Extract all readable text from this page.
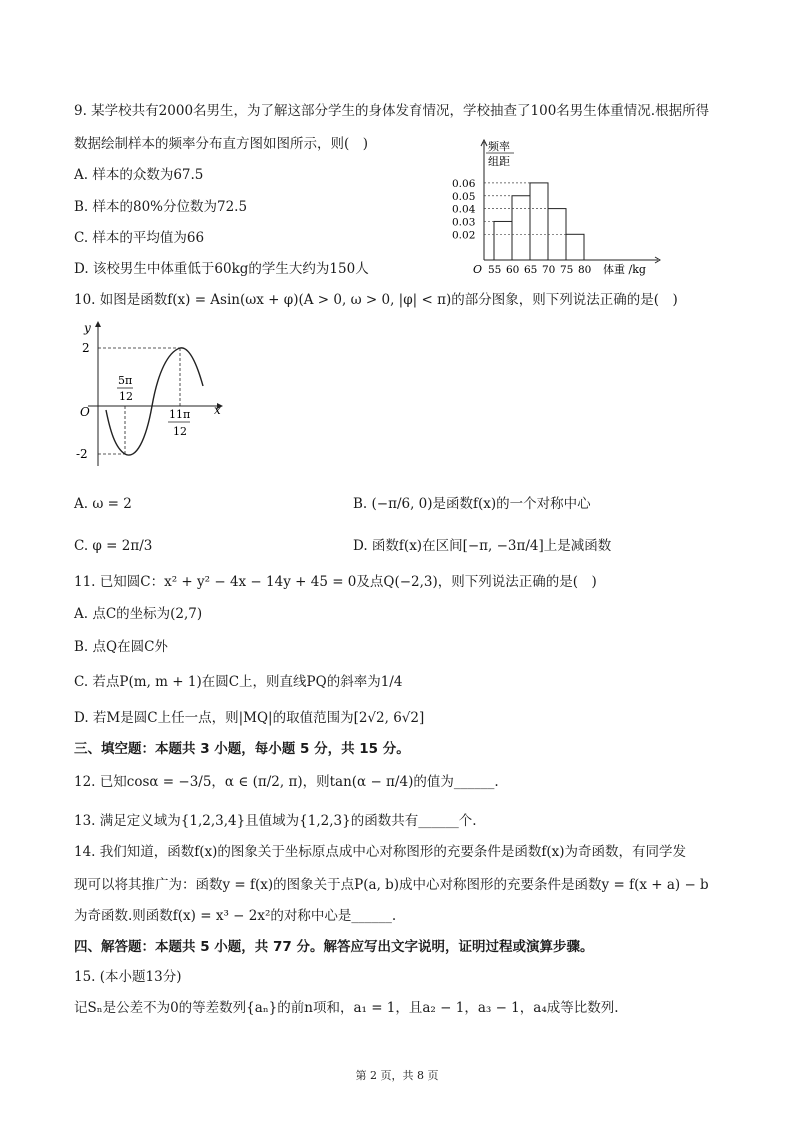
9. 某学校共有2000名男生，为了解这部分学生的身体发育情况，学校抽查了100名男生体重情况.根据所得
数据绘制样本的频率分布直方图如图所示，则(　)
A. 样本的众数为67.5
B. 样本的80%分位数为72.5
C. 样本的平均值为66
D. 该校男生中体重低于60kg的学生大约为150人
0.06
0.05
0.04
0.03
0.02
55 60 65 70 75 80
频率
组距
O	体重 /kg
10. 如图是函数f(x) = Asin(ωx + φ)(A > 0, ω > 0, |φ| < π)的部分图象，则下列说法正确的是(　)
y
x
O
2
-2
5π
12
11π
12
A. ω = 2	B. (−π/6, 0)是函数f(x)的一个对称中心
C. φ = 2π/3	D. 函数f(x)在区间[−π, −3π/4]上是减函数
11. 已知圆C：x² + y² − 4x − 14y + 45 = 0及点Q(−2,3)，则下列说法正确的是(　)
A. 点C的坐标为(2,7)
B. 点Q在圆C外
C. 若点P(m, m + 1)在圆C上，则直线PQ的斜率为1/4
D. 若M是圆C上任一点，则|MQ|的取值范围为[2√2, 6√2]
三、填空题：本题共 3 小题，每小题 5 分，共 15 分。
12. 已知cosα = −3/5，α ∈ (π/2, π)，则tan(α − π/4)的值为______.
13. 满足定义域为{1,2,3,4}且值域为{1,2,3}的函数共有______个.
14. 我们知道，函数f(x)的图象关于坐标原点成中心对称图形的充要条件是函数f(x)为奇函数，有同学发
现可以将其推广为：函数y = f(x)的图象关于点P(a, b)成中心对称图形的充要条件是函数y = f(x + a) − b
为奇函数.则函数f(x) = x³ − 2x²的对称中心是______.
四、解答题：本题共 5 小题，共 77 分。解答应写出文字说明，证明过程或演算步骤。
15. (本小题13分)
记Sₙ是公差不为0的等差数列{aₙ}的前n项和，a₁ = 1，且a₂ − 1，a₃ − 1，a₄成等比数列.
第 2 页，共 8 页
